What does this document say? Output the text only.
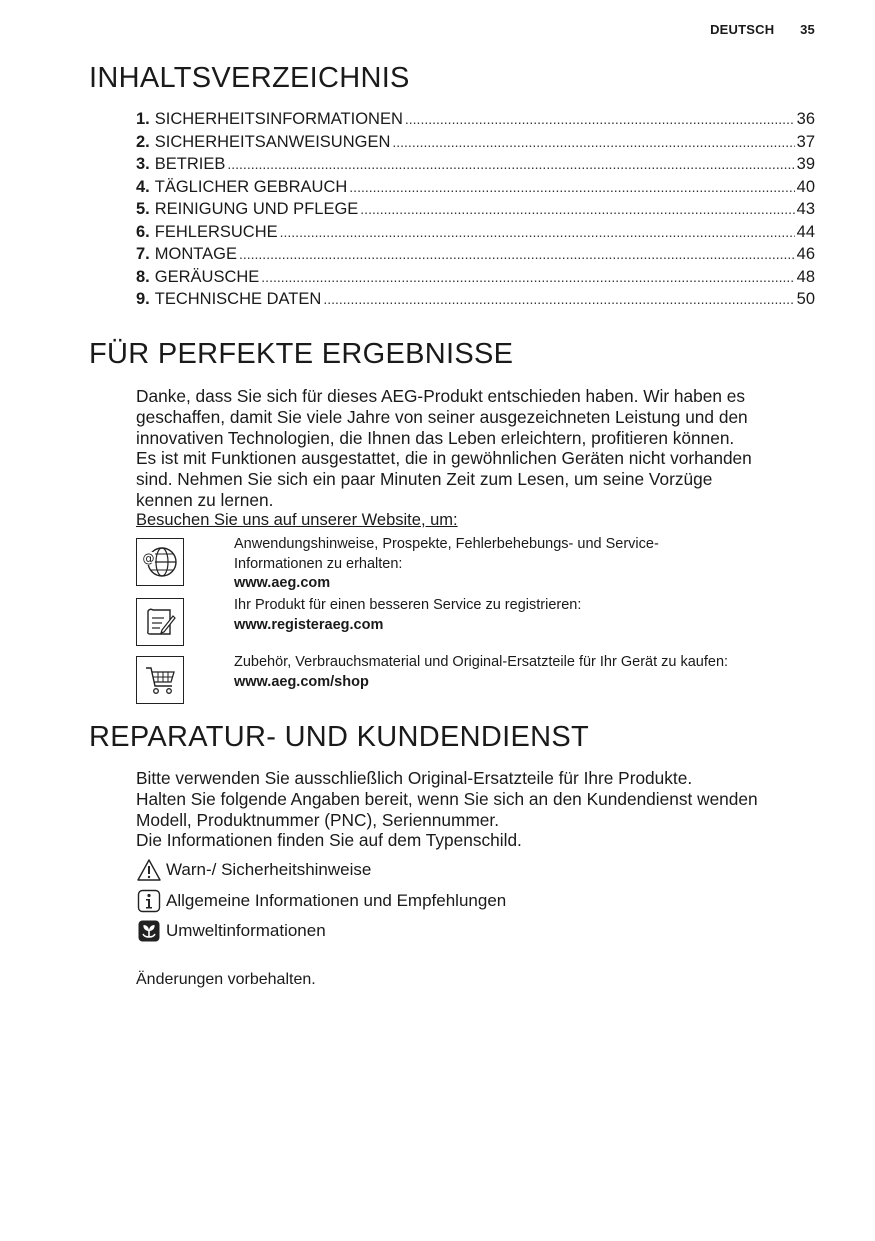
DEUTSCH 35
INHALTSVERZEICHNIS
1. SICHERHEITSINFORMATIONEN .....	36
2. SICHERHEITSANWEISUNGEN .....	37
3. BETRIEB .....	39
4. TÄGLICHER GEBRAUCH .....	40
5. REINIGUNG UND PFLEGE .....	43
6. FEHLERSUCHE .....	44
7. MONTAGE .....	46
8. GERÄUSCHE .....	48
9. TECHNISCHE DATEN .....	50
FÜR PERFEKTE ERGEBNISSE
Danke, dass Sie sich für dieses AEG-Produkt entschieden haben. Wir haben es
geschaffen, damit Sie viele Jahre von seiner ausgezeichneten Leistung und den
innovativen Technologien, die Ihnen das Leben erleichtern, profitieren können.
Es ist mit Funktionen ausgestattet, die in gewöhnlichen Geräten nicht vorhanden
sind. Nehmen Sie sich ein paar Minuten Zeit zum Lesen, um seine Vorzüge
kennen zu lernen.
Besuchen Sie uns auf unserer Website, um:
@
Anwendungshinweise, Prospekte, Fehlerbehebungs- und Service-
Informationen zu erhalten:
www.aeg.com
Ihr Produkt für einen besseren Service zu registrieren:
www.registeraeg.com
Zubehör, Verbrauchsmaterial und Original-Ersatzteile für Ihr Gerät zu kaufen:
www.aeg.com/shop
REPARATUR- UND KUNDENDIENST
Bitte verwenden Sie ausschließlich Original-Ersatzteile für Ihre Produkte.
Halten Sie folgende Angaben bereit, wenn Sie sich an den Kundendienst wenden
Modell, Produktnummer (PNC), Seriennummer.
Die Informationen finden Sie auf dem Typenschild.
Warn-/ Sicherheitshinweise
Allgemeine Informationen und Empfehlungen
Umweltinformationen
Änderungen vorbehalten.
